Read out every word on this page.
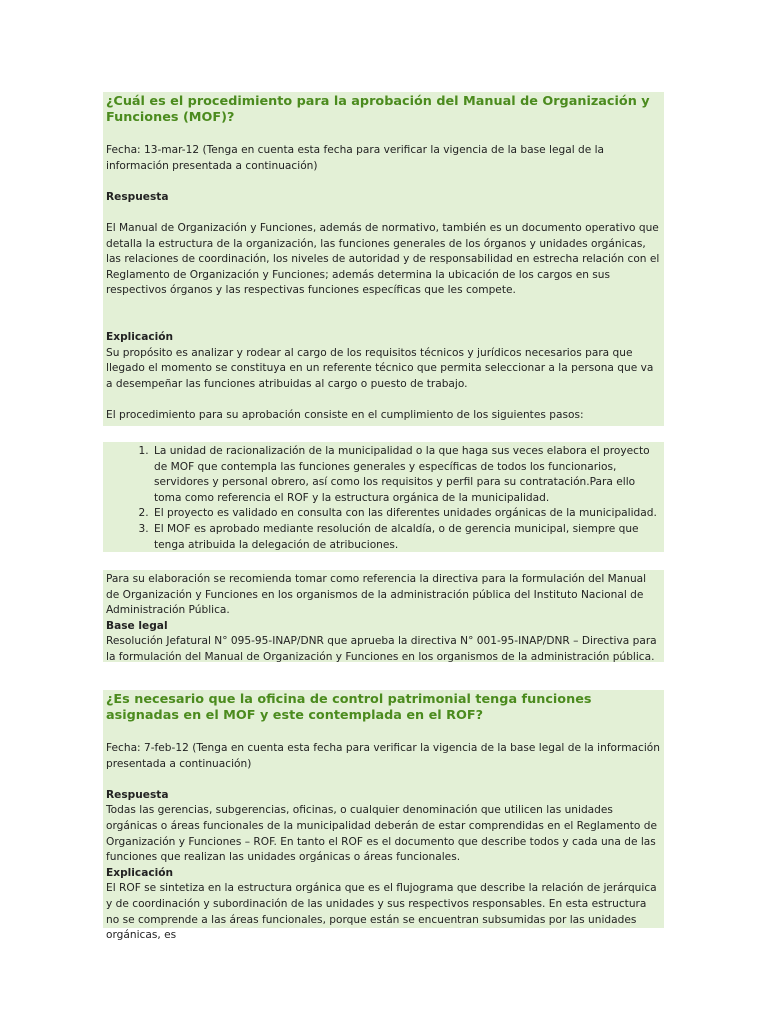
¿Cuál es el procedimiento para la aprobación del Manual de Organización y Funciones (MOF)?

Fecha: 13-mar-12 (Tenga en cuenta esta fecha para verificar la vigencia de la base legal de la información presentada a continuación)

Respuesta

El Manual de Organización y Funciones, además de normativo, también es un documento operativo que detalla la estructura de la organización, las funciones generales de los órganos y unidades orgánicas, las relaciones de coordinación, los niveles de autoridad y de responsabilidad en estrecha relación con el Reglamento de Organización y Funciones; además determina la ubicación de los cargos en sus respectivos órganos y las respectivas funciones específicas que les compete.

Explicación

Su propósito es analizar y rodear al cargo de los requisitos técnicos y jurídicos necesarios para que llegado el momento se constituya en un referente técnico que permita seleccionar a la persona que va a desempeñar las funciones atribuidas al cargo o puesto de trabajo.

El procedimiento para su aprobación consiste en el cumplimiento de los siguientes pasos:

1. La unidad de racionalización de la municipalidad o la que haga sus veces elabora el proyecto de MOF que contempla las funciones generales y específicas de todos los funcionarios, servidores y personal obrero, así como los requisitos y perfil para su contratación.Para ello toma como referencia el ROF y la estructura orgánica de la municipalidad.
2. El proyecto es validado en consulta con las diferentes unidades orgánicas de la municipalidad.
3. El MOF es aprobado mediante resolución de alcaldía, o de gerencia municipal, siempre que tenga atribuida la delegación de atribuciones.

Para su elaboración se recomienda tomar como referencia la directiva para la formulación del Manual de Organización y Funciones en los organismos de la administración pública del Instituto Nacional de Administración Pública.

Base legal

Resolución Jefatural N° 095-95-INAP/DNR que aprueba la directiva N° 001-95-INAP/DNR – Directiva para la formulación del Manual de Organización y Funciones en los organismos de la administración pública.

¿Es necesario que la oficina de control patrimonial tenga funciones asignadas en el MOF y este contemplada en el ROF?

Fecha: 7-feb-12 (Tenga en cuenta esta fecha para verificar la vigencia de la base legal de la información presentada a continuación)

Respuesta

Todas las gerencias, subgerencias, oficinas, o cualquier denominación que utilicen las unidades orgánicas o áreas funcionales de la municipalidad deberán de estar comprendidas en el Reglamento de Organización y Funciones – ROF. En tanto el ROF es el documento que describe todos y cada una de las funciones que realizan las unidades orgánicas o áreas funcionales.

Explicación

El ROF se sintetiza en la estructura orgánica que es el flujograma que describe la relación de jerárquica y de coordinación y subordinación de las unidades y sus respectivos responsables. En esta estructura no se comprende a las áreas funcionales, porque están se encuentran subsumidas por las unidades orgánicas, es
